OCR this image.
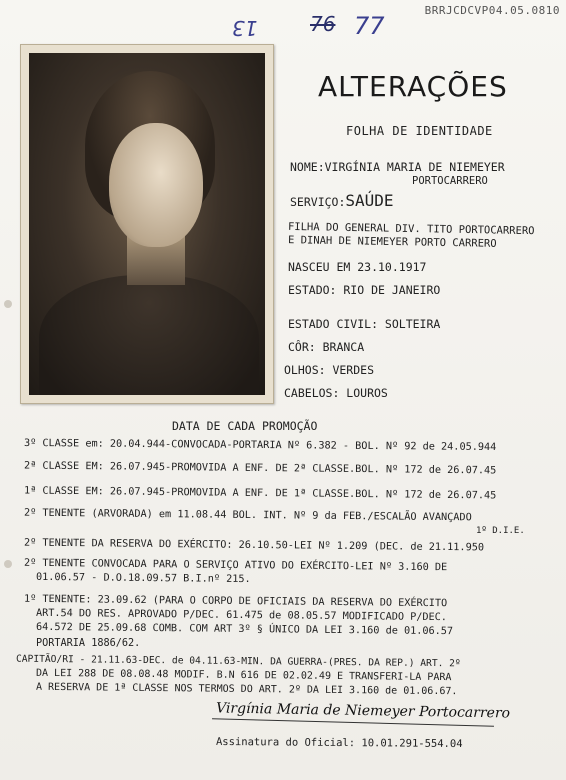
13	76 77
BRRJCDCVP04.05.0810
ALTERAÇÕES
FOLHA DE IDENTIDADE
NOME:VIRGÍNIA MARIA DE NIEMEYER
PORTOCARRERO
SERVIÇO:SAÚDE
FILHA DO GENERAL DIV. TITO PORTOCARRERO
E DINAH DE NIEMEYER PORTO CARRERO
NASCEU EM 23.10.1917
ESTADO: RIO DE JANEIRO
ESTADO CIVIL: SOLTEIRA
CÔR: BRANCA
OLHOS: VERDES
CABELOS: LOUROS
DATA DE CADA PROMOÇÃO
3º CLASSE em: 20.04.944-CONVOCADA-PORTARIA Nº 6.382 - BOL. Nº 92 de 24.05.944
2ª CLASSE EM: 26.07.945-PROMOVIDA A ENF. DE 2ª CLASSE.BOL. Nº 172 de 26.07.45
1ª CLASSE EM: 26.07.945-PROMOVIDA A ENF. DE 1ª CLASSE.BOL. Nº 172 de 26.07.45
2º TENENTE (ARVORADA) em 11.08.44 BOL. INT. Nº 9 da FEB./ESCALÃO AVANÇADO
1º D.I.E.
2º TENENTE DA RESERVA DO EXÉRCITO: 26.10.50-LEI Nº 1.209 (DEC. de 21.11.950
2º TENENTE CONVOCADA PARA O SERVIÇO ATIVO DO EXÉRCITO-LEI Nº 3.160 DE
01.06.57 - D.O.18.09.57 B.I.nº 215.
1º TENENTE: 23.09.62 (PARA O CORPO DE OFICIAIS DA RESERVA DO EXÉRCITO
ART.54 DO RES. APROVADO P/DEC. 61.475 de 08.05.57 MODIFICADO P/DEC.
64.572 DE 25.09.68 COMB. COM ART 3º § ÚNICO DA LEI 3.160 de 01.06.57
PORTARIA 1886/62.
CAPITÃO/RI - 21.11.63-DEC. de 04.11.63-MIN. DA GUERRA-(PRES. DA REP.) ART. 2º
DA LEI 288 DE 08.08.48 MODIF. B.N 616 DE 02.02.49 E TRANSFERI-LA PARA
A RESERVA DE 1ª CLASSE NOS TERMOS DO ART. 2º DA LEI 3.160 de 01.06.67.
Virgínia Maria de Niemeyer Portocarrero
Assinatura do Oficial: 10.01.291-554.04
